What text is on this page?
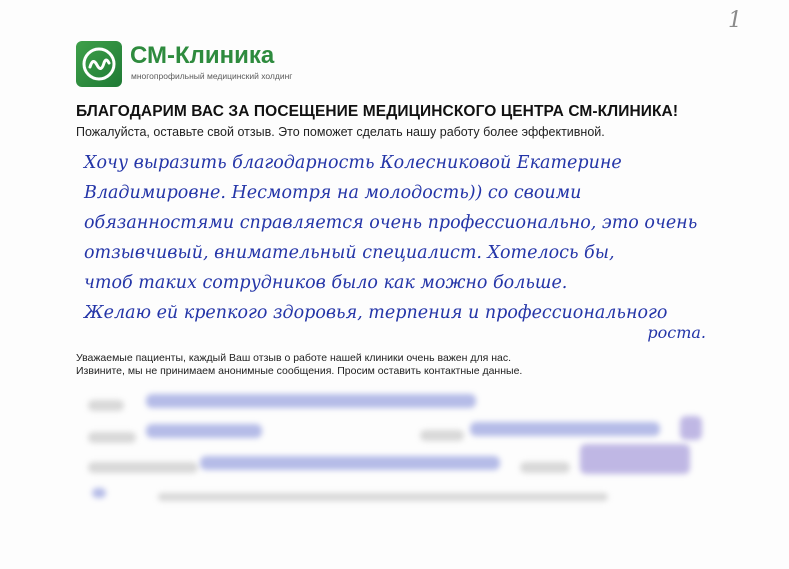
1
СМ-Клиника
многопрофильный медицинский холдинг
БЛАГОДАРИМ ВАС ЗА ПОСЕЩЕНИЕ МЕДИЦИНСКОГО ЦЕНТРА СМ-КЛИНИКА!
Пожалуйста, оставьте свой отзыв. Это поможет сделать нашу работу более эффективной.
Хочу выразить благодарность Колесниковой Екатерине
Владимировне. Несмотря на молодость)) со своими
обязанностями справляется очень профессионально, это очень
отзывчивый, внимательный специалист. Хотелось бы,
чтоб таких сотрудников было как можно больше.
Желаю ей крепкого здоровья, терпения и профессионального
роста.
Уважаемые пациенты, каждый Ваш отзыв о работе нашей клиники очень важен для нас.
Извините, мы не принимаем анонимные сообщения. Просим оставить контактные данные.
